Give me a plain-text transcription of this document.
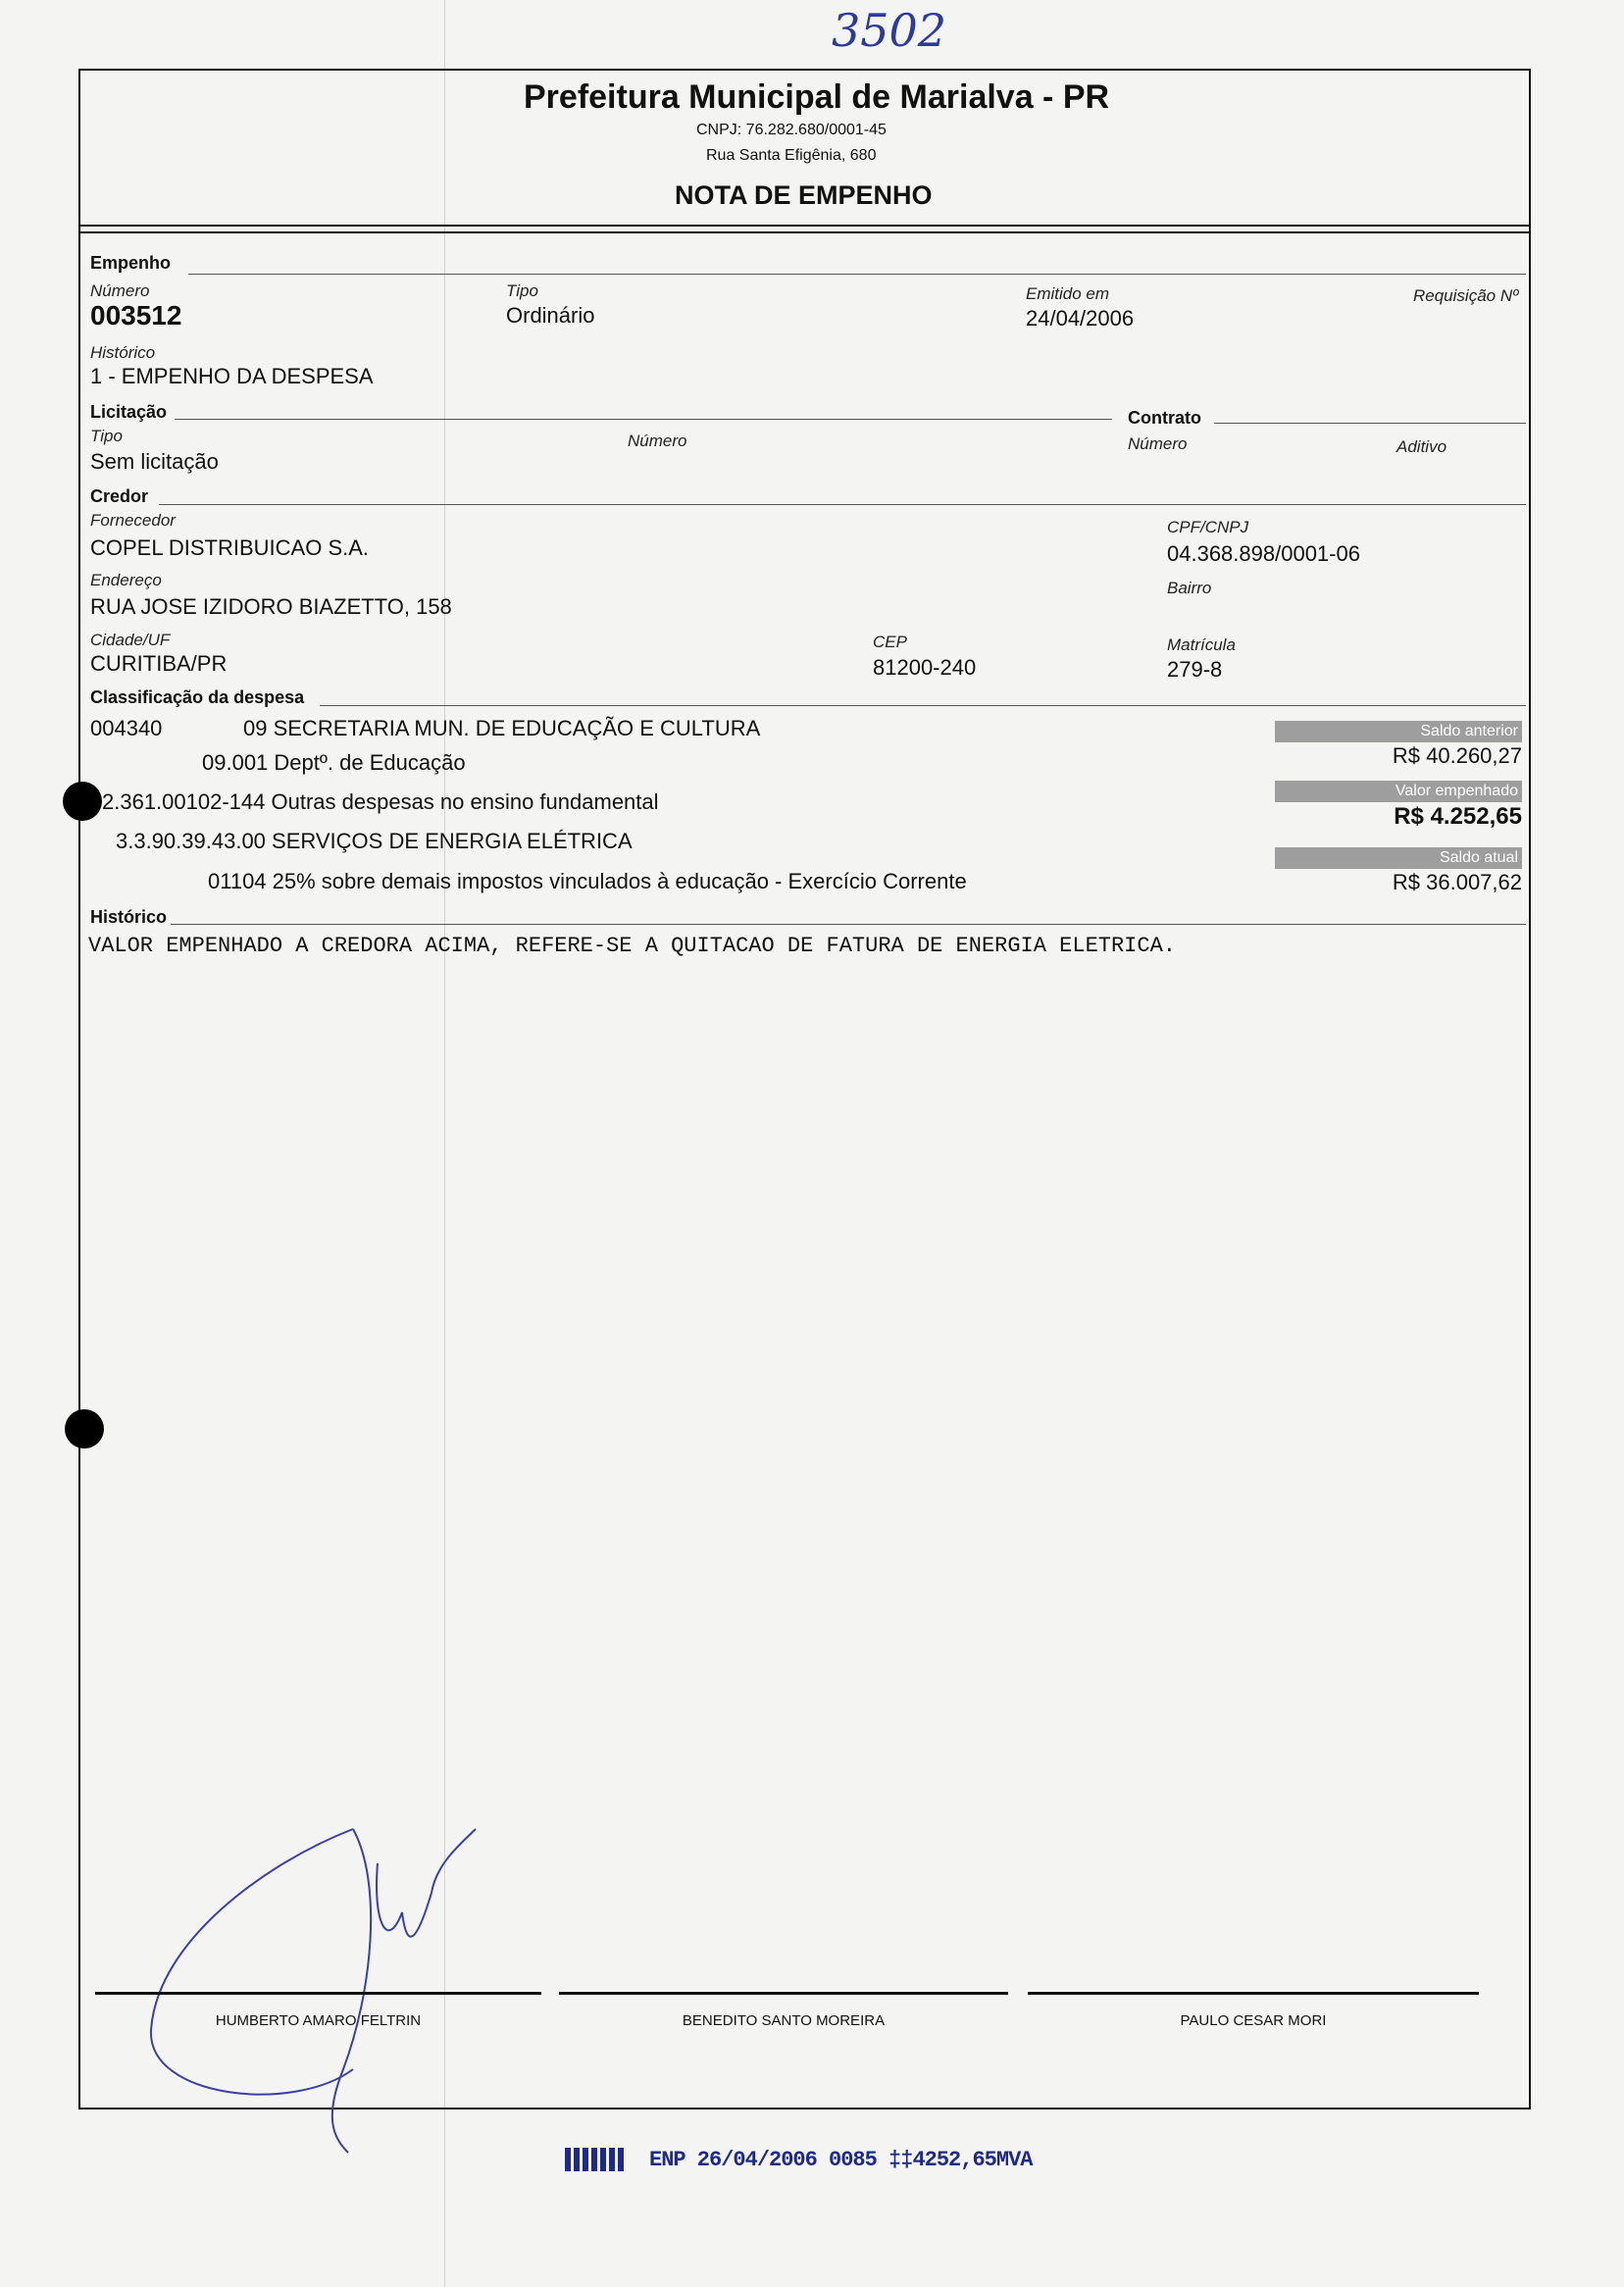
3502
Prefeitura Municipal de Marialva - PR
CNPJ: 76.282.680/0001-45
Rua Santa Efigênia, 680
NOTA DE EMPENHO
Empenho
Número
003512
Tipo
Ordinário
Emitido em
24/04/2006
Requisição Nº
Histórico
1 - EMPENHO DA DESPESA
Licitação	Contrato
Tipo
Sem licitação
Número	Número	Aditivo
Credor
Fornecedor
COPEL DISTRIBUICAO S.A.
CPF/CNPJ
04.368.898/0001-06
Endereço
RUA JOSE IZIDORO BIAZETTO, 158
Bairro
Cidade/UF
CURITIBA/PR
CEP
81200-240
Matrícula
279-8
Classificação da despesa
004340	09 SECRETARIA MUN. DE EDUCAÇÃO E CULTURA
09.001 Deptº. de Educação
2.361.00102-144 Outras despesas no ensino fundamental
3.3.90.39.43.00 SERVIÇOS DE ENERGIA ELÉTRICA
01104 25% sobre demais impostos vinculados à educação - Exercício Corrente
Saldo anterior
R$ 40.260,27
Valor empenhado
R$ 4.252,65
Saldo atual
R$ 36.007,62
Histórico
VALOR EMPENHADO A CREDORA ACIMA, REFERE-SE A QUITACAO DE FATURA DE ENERGIA ELETRICA.
HUMBERTO AMARO FELTRIN	BENEDITO SANTO MOREIRA	PAULO CESAR MORI
ENP 26/04/2006 0085 ‡‡4252,65MVA
